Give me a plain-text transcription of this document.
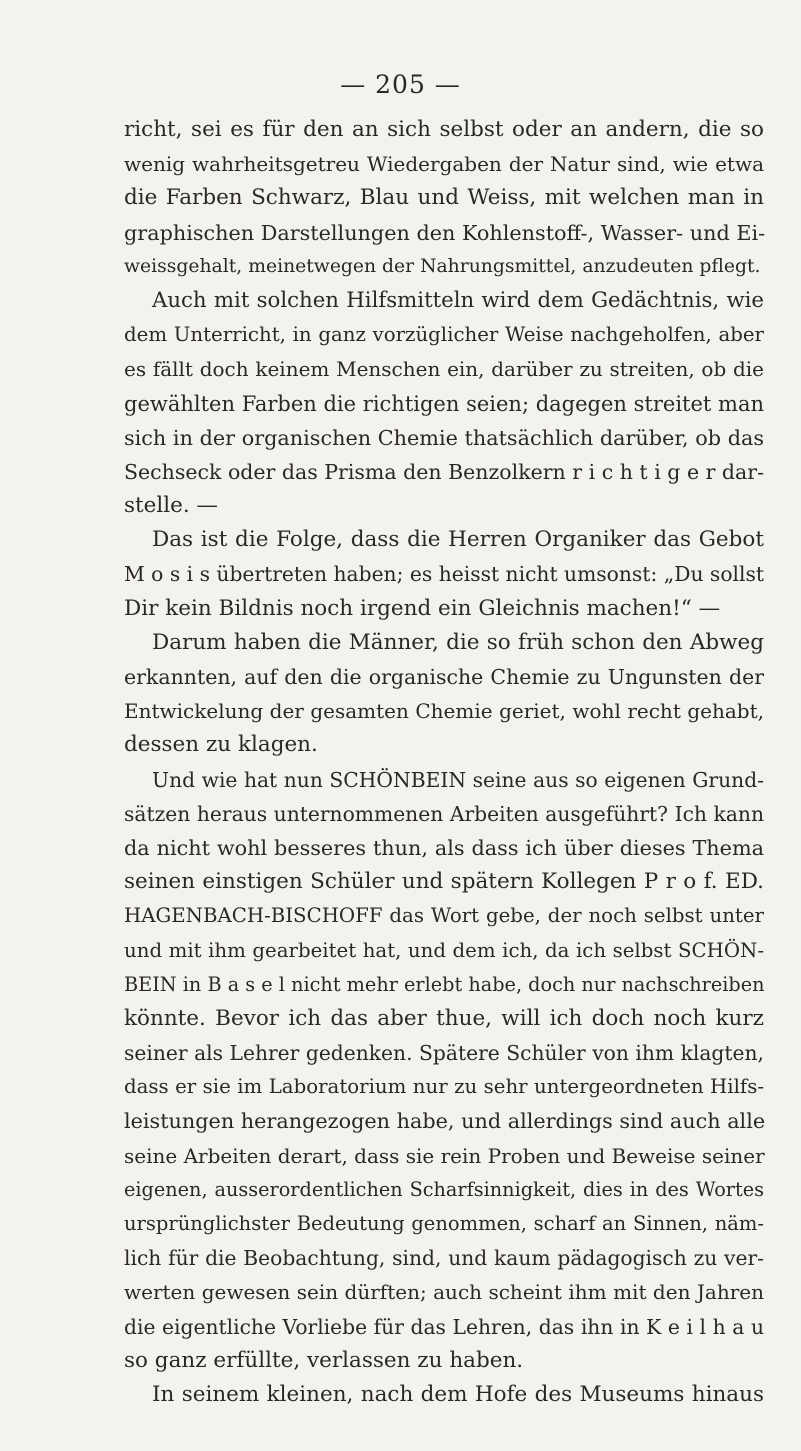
— 205 —
richt, sei es für den an sich selbst oder an andern, die so
wenig wahrheitsgetreu Wiedergaben der Natur sind, wie etwa
die Farben Schwarz, Blau und Weiss, mit welchen man in
graphischen Darstellungen den Kohlenstoff-, Wasser- und Ei-
weissgehalt, meinetwegen der Nahrungsmittel, anzudeuten pflegt.
Auch mit solchen Hilfsmitteln wird dem Gedächtnis, wie
dem Unterricht, in ganz vorzüglicher Weise nachgeholfen, aber
es fällt doch keinem Menschen ein, darüber zu streiten, ob die
gewählten Farben die richtigen seien; dagegen streitet man
sich in der organischen Chemie thatsächlich darüber, ob das
Sechseck oder das Prisma den Benzolkern r i c h t i g e r dar-
stelle. —
Das ist die Folge, dass die Herren Organiker das Gebot
M o s i s übertreten haben; es heisst nicht umsonst: „Du sollst
Dir kein Bildnis noch irgend ein Gleichnis machen!“ —
Darum haben die Männer, die so früh schon den Abweg
erkannten, auf den die organische Chemie zu Ungunsten der
Entwickelung der gesamten Chemie geriet, wohl recht gehabt,
dessen zu klagen.
Und wie hat nun SCHÖNBEIN seine aus so eigenen Grund-
sätzen heraus unternommenen Arbeiten ausgeführt? Ich kann
da nicht wohl besseres thun, als dass ich über dieses Thema
seinen einstigen Schüler und spätern Kollegen P r o f. ED.
HAGENBACH-BISCHOFF das Wort gebe, der noch selbst unter
und mit ihm gearbeitet hat, und dem ich, da ich selbst SCHÖN-
BEIN in B a s e l nicht mehr erlebt habe, doch nur nachschreiben
könnte. Bevor ich das aber thue, will ich doch noch kurz
seiner als Lehrer gedenken. Spätere Schüler von ihm klagten,
dass er sie im Laboratorium nur zu sehr untergeordneten Hilfs-
leistungen herangezogen habe, und allerdings sind auch alle
seine Arbeiten derart, dass sie rein Proben und Beweise seiner
eigenen, ausserordentlichen Scharfsinnigkeit, dies in des Wortes
ursprünglichster Bedeutung genommen, scharf an Sinnen, näm-
lich für die Beobachtung, sind, und kaum pädagogisch zu ver-
werten gewesen sein dürften; auch scheint ihm mit den Jahren
die eigentliche Vorliebe für das Lehren, das ihn in K e i l h a u
so ganz erfüllte, verlassen zu haben.
In seinem kleinen, nach dem Hofe des Museums hinaus
